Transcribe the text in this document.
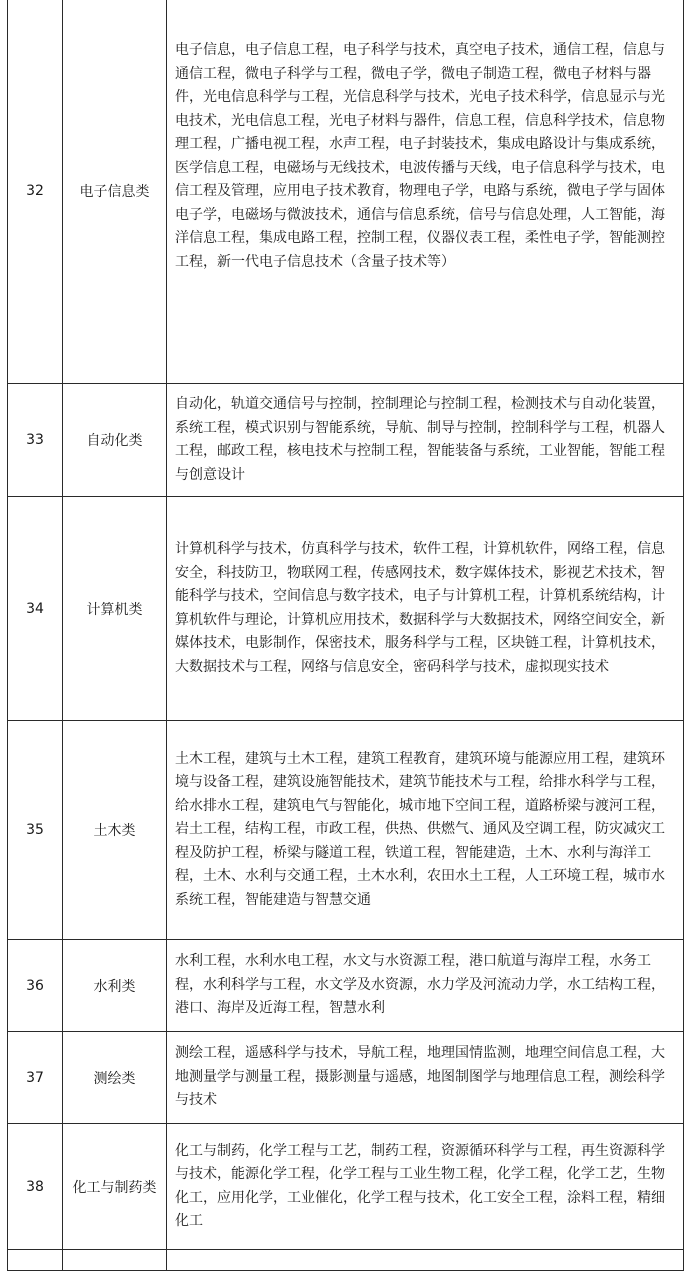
32	电子信息类	电子信息，电子信息工程，电子科学与技术，真空电子技术，通信工程，信息与通信工程，微电子科学与工程，微电子学，微电子制造工程，微电子材料与器件，光电信息科学与工程，光信息科学与技术，光电子技术科学，信息显示与光电技术，光电信息工程，光电子材料与器件，信息工程，信息科学技术，信息物理工程，广播电视工程，水声工程，电子封装技术，集成电路设计与集成系统，医学信息工程，电磁场与无线技术，电波传播与天线，电子信息科学与技术，电信工程及管理，应用电子技术教育，物理电子学，电路与系统，微电子学与固体电子学，电磁场与微波技术，通信与信息系统，信号与信息处理，人工智能，海洋信息工程，集成电路工程，控制工程，仪器仪表工程，柔性电子学，智能测控工程，新一代电子信息技术（含量子技术等）
33	自动化类	自动化，轨道交通信号与控制，控制理论与控制工程，检测技术与自动化装置，系统工程，模式识别与智能系统，导航、制导与控制，控制科学与工程，机器人工程，邮政工程，核电技术与控制工程，智能装备与系统，工业智能，智能工程与创意设计
34	计算机类	计算机科学与技术，仿真科学与技术，软件工程，计算机软件，网络工程，信息安全，科技防卫，物联网工程，传感网技术，数字媒体技术，影视艺术技术，智能科学与技术，空间信息与数字技术，电子与计算机工程，计算机系统结构，计算机软件与理论，计算机应用技术，数据科学与大数据技术，网络空间安全，新媒体技术，电影制作，保密技术，服务科学与工程，区块链工程，计算机技术，大数据技术与工程，网络与信息安全，密码科学与技术，虚拟现实技术
35	土木类	土木工程，建筑与土木工程，建筑工程教育，建筑环境与能源应用工程，建筑环境与设备工程，建筑设施智能技术，建筑节能技术与工程，给排水科学与工程，给水排水工程，建筑电气与智能化，城市地下空间工程，道路桥梁与渡河工程，岩土工程，结构工程，市政工程，供热、供燃气、通风及空调工程，防灾减灾工程及防护工程，桥梁与隧道工程，铁道工程，智能建造，土木、水利与海洋工程，土木、水利与交通工程，土木水利，农田水土工程，人工环境工程，城市水系统工程，智能建造与智慧交通
36	水利类	水利工程，水利水电工程，水文与水资源工程，港口航道与海岸工程，水务工程，水利科学与工程，水文学及水资源，水力学及河流动力学，水工结构工程，港口、海岸及近海工程，智慧水利
37	测绘类	测绘工程，遥感科学与技术，导航工程，地理国情监测，地理空间信息工程，大地测量学与测量工程，摄影测量与遥感，地图制图学与地理信息工程，测绘科学与技术
38	化工与制药类	化工与制药，化学工程与工艺，制药工程，资源循环科学与工程，再生资源科学与技术，能源化学工程，化学工程与工业生物工程，化学工程，化学工艺，生物化工，应用化学，工业催化，化学工程与技术，化工安全工程，涂料工程，精细化工
